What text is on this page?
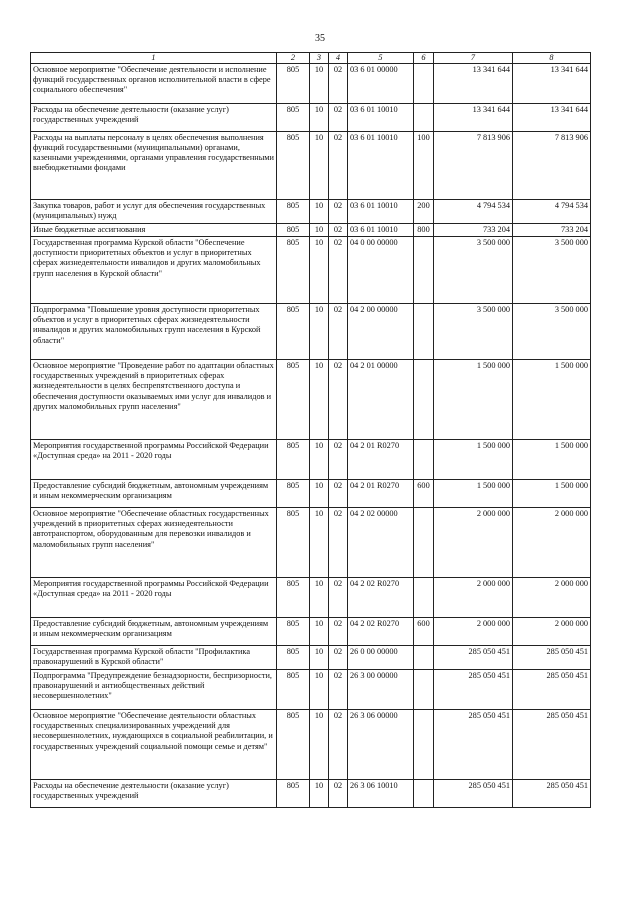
35
1	2	3	4	5	6	7	8
Основное мероприятие "Обеспечение деятельности и исполнение функций государственных органов исполнительной власти в сфере социального обеспечения"	805	10	02	03 6 01 00000		13 341 644	13 341 644
Расходы на обеспечение деятельности (оказание услуг) государственных учреждений	805	10	02	03 6 01 10010		13 341 644	13 341 644
Расходы на выплаты персоналу в целях обеспечения выполнения функций государственными (муниципальными) органами, казенными учреждениями, органами управления государственными внебюджетными фондами	805	10	02	03 6 01 10010	100	7 813 906	7 813 906
Закупка товаров, работ и услуг для обеспечения государственных (муниципальных) нужд	805	10	02	03 6 01 10010	200	4 794 534	4 794 534
Иные бюджетные ассигнования	805	10	02	03 6 01 10010	800	733 204	733 204
Государственная программа Курской области "Обеспечение доступности приоритетных объектов и услуг в приоритетных сферах жизнедеятельности инвалидов и других маломобильных групп населения в Курской области"	805	10	02	04 0 00 00000		3 500 000	3 500 000
Подпрограмма "Повышение уровня доступности приоритетных объектов и услуг в приоритетных сферах жизнедеятельности инвалидов и других маломобильных групп населения в Курской области"	805	10	02	04 2 00 00000		3 500 000	3 500 000
Основное мероприятие "Проведение работ по адаптации областных государственных учреждений в приоритетных сферах жизнедеятельности в целях беспрепятственного доступа и обеспечения доступности оказываемых ими услуг для инвалидов и других маломобильных групп населения"	805	10	02	04 2 01 00000		1 500 000	1 500 000
Мероприятия государственной программы Российской Федерации «Доступная среда» на 2011 - 2020 годы	805	10	02	04 2 01 R0270		1 500 000	1 500 000
Предоставление субсидий бюджетным, автономным учреждениям и иным некоммерческим организациям	805	10	02	04 2 01 R0270	600	1 500 000	1 500 000
Основное мероприятие "Обеспечение областных государственных учреждений в приоритетных сферах жизнедеятельности автотранспортом, оборудованным для перевозки инвалидов и маломобильных групп населения"	805	10	02	04 2 02 00000		2 000 000	2 000 000
Мероприятия государственной программы Российской Федерации «Доступная среда» на 2011 - 2020 годы	805	10	02	04 2 02 R0270		2 000 000	2 000 000
Предоставление субсидий бюджетным, автономным учреждениям и иным некоммерческим организациям	805	10	02	04 2 02 R0270	600	2 000 000	2 000 000
Государственная программа Курской области "Профилактика правонарушений в Курской области"	805	10	02	26 0 00 00000		285 050 451	285 050 451
Подпрограмма "Предупреждение безнадзорности, беспризорности, правонарушений и антиобщественных действий несовершеннолетних"	805	10	02	26 3 00 00000		285 050 451	285 050 451
Основное мероприятие "Обеспечение деятельности областных государственных специализированных учреждений для несовершеннолетних, нуждающихся в социальной реабилитации, и государственных учреждений социальной помощи семье и детям"	805	10	02	26 3 06 00000		285 050 451	285 050 451
Расходы на обеспечение деятельности (оказание услуг) государственных учреждений	805	10	02	26 3 06 10010		285 050 451	285 050 451
